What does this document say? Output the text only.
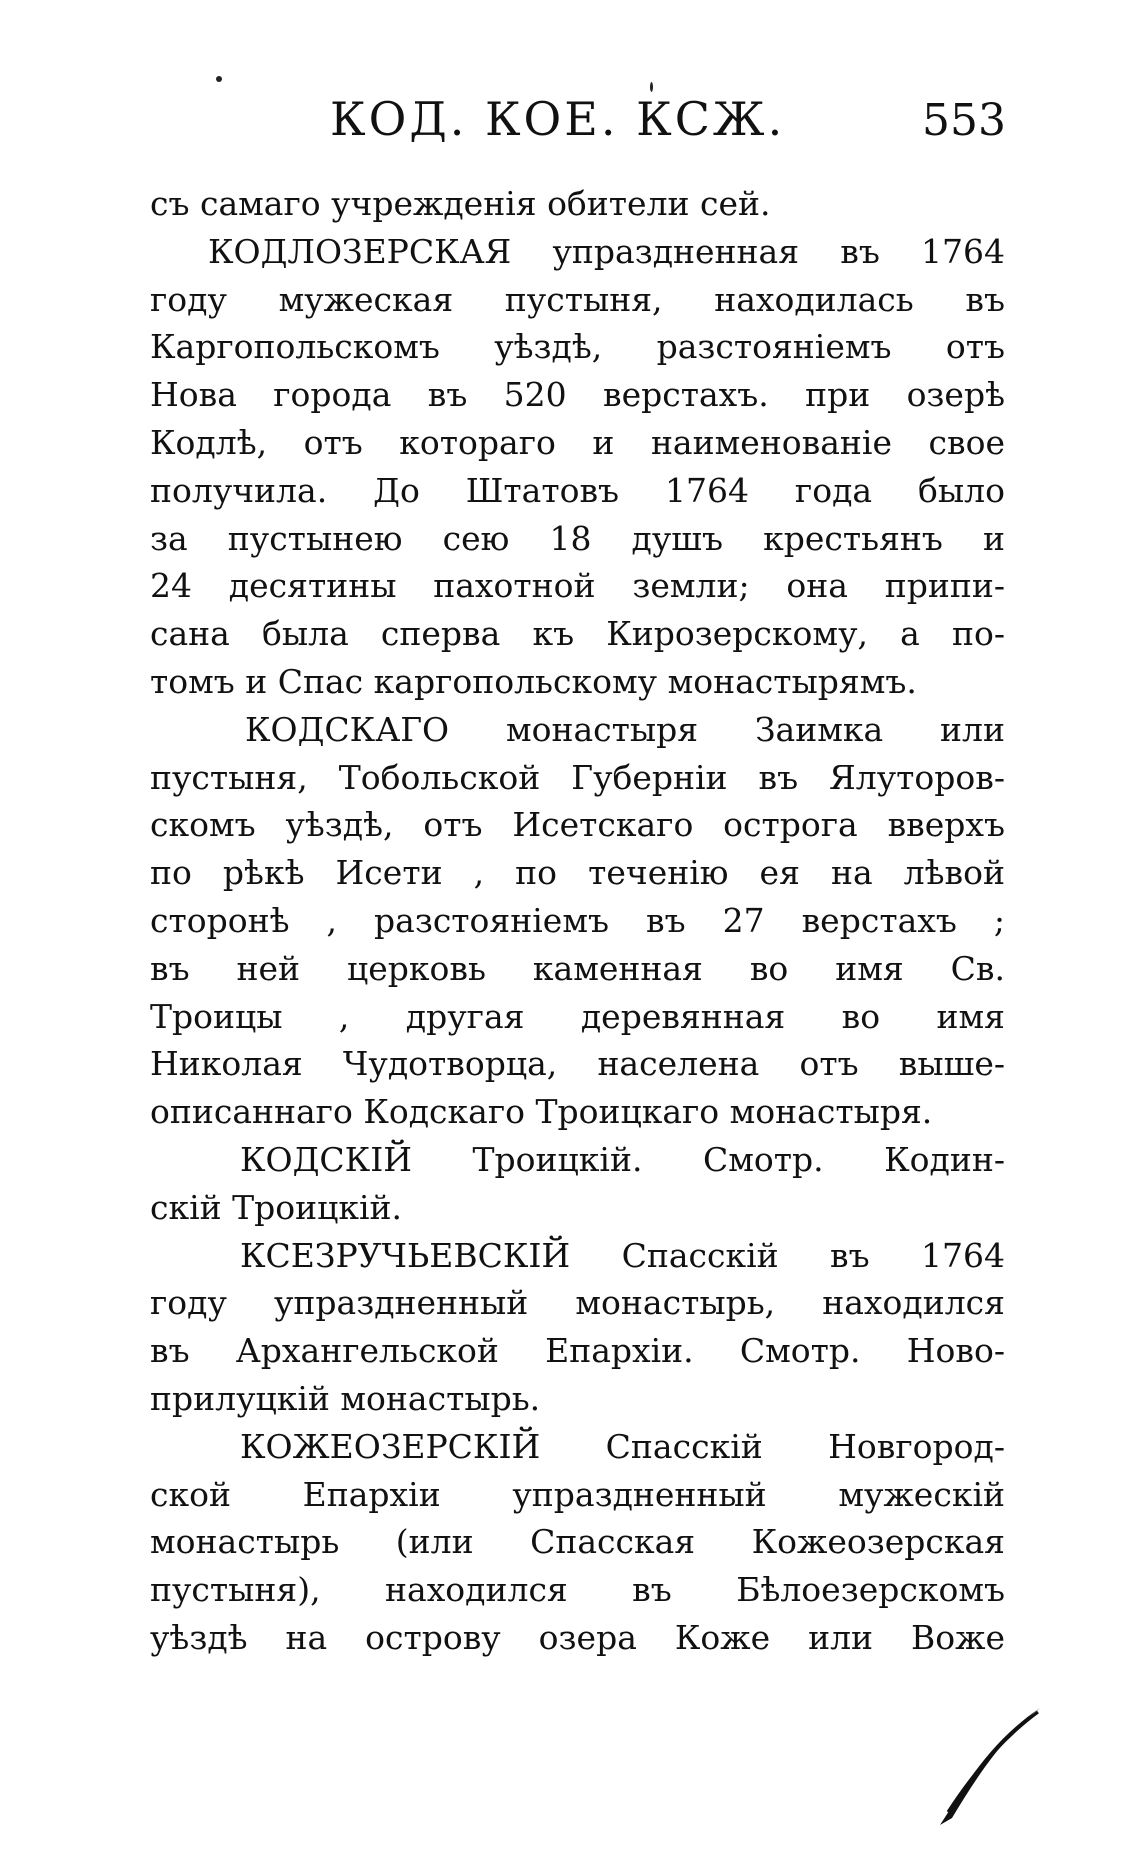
КОД. КОЕ. КСЖ.	553
съ самаго учрежденія обители сей.
КОДЛОЗЕРСКАЯ упраздненная въ 1764
году мужеская пустыня, находилась въ
Каргопольскомъ уѣздѣ, разстояніемъ отъ
Нова города въ 520 верстахъ. при озерѣ
Кодлѣ, отъ котораго и наименованіе свое
получила. До Штатовъ 1764 года было
за пустынею сею 18 душъ крестьянъ и
24 десятины пахотной земли; она припи-
сана была сперва къ Кирозерскому, а по-
томъ и Спас каргопольскому монастырямъ.
КОДСКАГО монастыря Заимка или
пустыня, Тобольской Губерніи въ Ялуторов-
скомъ уѣздѣ, отъ Исетскаго острога вверхъ
по рѣкѣ Исети , по теченію ея на лѣвой
сторонѣ , разстояніемъ въ 27 верстахъ ;
въ ней церковь каменная во имя Св.
Троицы , другая деревянная во имя
Николая Чудотворца, населена отъ выше-
описаннаго Кодскаго Троицкаго монастыря.
КОДСКІЙ Троицкій. Смотр. Кодин-
скій Троицкій.
КСЕЗРУЧЬЕВСКІЙ Спасскій въ 1764
году упраздненный монастырь, находился
въ Архангельской Епархіи. Смотр. Ново-
прилуцкій монастырь.
КОЖЕОЗЕРСКІЙ Спасскій Новгород-
ской Епархіи упраздненный мужескій
монастырь (или Спасская Кожеозерская
пустыня), находился въ Бѣлоезерскомъ
уѣздѣ на острову озера Коже или Воже
